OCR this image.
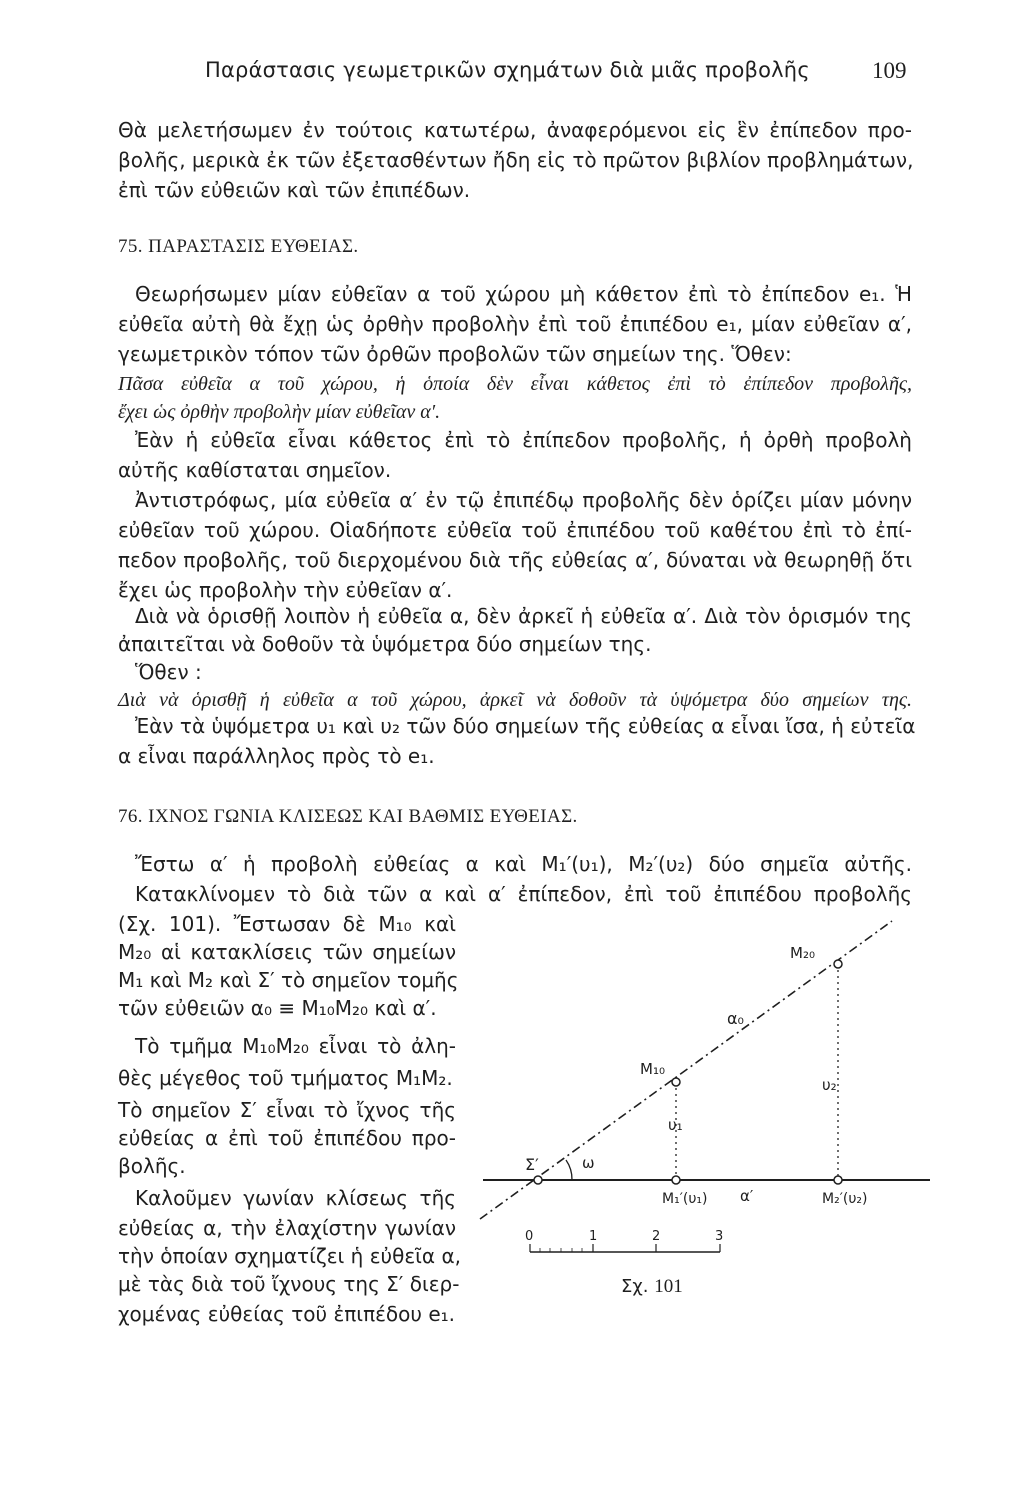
Παράστασις γεωμετρικῶν σχημάτων διὰ μιᾶς προβολῆς	109
Θὰ μελετήσωμεν ἐν τούτοις κατωτέρω, ἀναφερόμενοι εἰς ἓν ἐπίπεδον προ-
βολῆς, μερικὰ ἐκ τῶν ἐξετασθέντων ἤδη εἰς τὸ πρῶτον βιβλίον προβλημάτων,
ἐπὶ τῶν εὐθειῶν καὶ τῶν ἐπιπέδων.
75. ΠΑΡΑΣΤΑΣΙΣ ΕΥΘΕΙΑΣ.
Θεωρήσωμεν μίαν εὐθεῖαν α τοῦ χώρου μὴ κάθετον ἐπὶ τὸ ἐπίπεδον e₁. Ἡ
εὐθεῖα αὐτὴ θὰ ἔχῃ ὡς ὀρθὴν προβολὴν ἐπὶ τοῦ ἐπιπέδου e₁, μίαν εὐθεῖαν α′,
γεωμετρικὸν τόπον τῶν ὀρθῶν προβολῶν τῶν σημείων της. Ὅθεν:
Πᾶσα εὐθεῖα α τοῦ χώρου, ἡ ὁποία δὲν εἶναι κάθετος ἐπὶ τὸ ἐπίπεδον προβολῆς,
ἔχει ὡς ὀρθὴν προβολὴν μίαν εὐθεῖαν α′.
Ἐὰν ἡ εὐθεῖα εἶναι κάθετος ἐπὶ τὸ ἐπίπεδον προβολῆς, ἡ ὀρθὴ προβολὴ
αὐτῆς καθίσταται σημεῖον.
Ἀντιστρόφως, μία εὐθεῖα α′ ἐν τῷ ἐπιπέδῳ προβολῆς δὲν ὁρίζει μίαν μόνην
εὐθεῖαν τοῦ χώρου. Οἱαδήποτε εὐθεῖα τοῦ ἐπιπέδου τοῦ καθέτου ἐπὶ τὸ ἐπί-
πεδον προβολῆς, τοῦ διερχομένου διὰ τῆς εὐθείας α′, δύναται νὰ θεωρηθῇ ὅτι
ἔχει ὡς προβολὴν τὴν εὐθεῖαν α′.
Διὰ νὰ ὁρισθῇ λοιπὸν ἡ εὐθεῖα α, δὲν ἀρκεῖ ἡ εὐθεῖα α′. Διὰ τὸν ὁρισμόν της
ἀπαιτεῖται νὰ δοθοῦν τὰ ὑψόμετρα δύο σημείων της.
Ὅθεν :
Διὰ νὰ ὁρισθῇ ἡ εὐθεῖα α τοῦ χώρου, ἀρκεῖ νὰ δοθοῦν τὰ ὑψόμετρα δύο σημείων της.
Ἐὰν τὰ ὑψόμετρα υ₁ καὶ υ₂ τῶν δύο σημείων τῆς εὐθείας α εἶναι ἴσα, ἡ εὐτεῖα
α εἶναι παράλληλος πρὸς τὸ e₁.
76. ΙΧΝΟΣ ΓΩΝΙΑ ΚΛΙΣΕΩΣ ΚΑΙ ΒΑΘΜΙΣ ΕΥΘΕΙΑΣ.
Ἔστω α′ ἡ προβολὴ εὐθείας α καὶ M₁′(υ₁), M₂′(υ₂) δύο σημεῖα αὐτῆς.
Κατακλίνομεν τὸ διὰ τῶν α καὶ α′ ἐπίπεδον, ἐπὶ τοῦ ἐπιπέδου προβολῆς
(Σχ. 101). Ἔστωσαν δὲ M₁₀ καὶ
M₂₀ αἱ κατακλίσεις τῶν σημείων
M₁ καὶ M₂ καὶ Σ′ τὸ σημεῖον τομῆς
τῶν εὐθειῶν α₀ ≡ M₁₀M₂₀ καὶ α′.
Τὸ τμῆμα M₁₀M₂₀ εἶναι τὸ ἀλη-
θὲς μέγεθος τοῦ τμήματος M₁M₂.
Τὸ σημεῖον Σ′ εἶναι τὸ ἴχνος τῆς
εὐθείας α ἐπὶ τοῦ ἐπιπέδου προ-
βολῆς.
Καλοῦμεν γωνίαν κλίσεως τῆς
εὐθείας α, τὴν ἐλαχίστην γωνίαν
τὴν ὁποίαν σχηματίζει ἡ εὐθεῖα α,
μὲ τὰς διὰ τοῦ ἴχνους της Σ′ διερ-
χομένας εὐθείας τοῦ ἐπιπέδου e₁.
M₂₀
α₀
M₁₀
υ₂
υ₁
Σ′	ω
M₁′(υ₁) α′	M₂′(υ₂)
0	1	2	3
Σχ. 101
